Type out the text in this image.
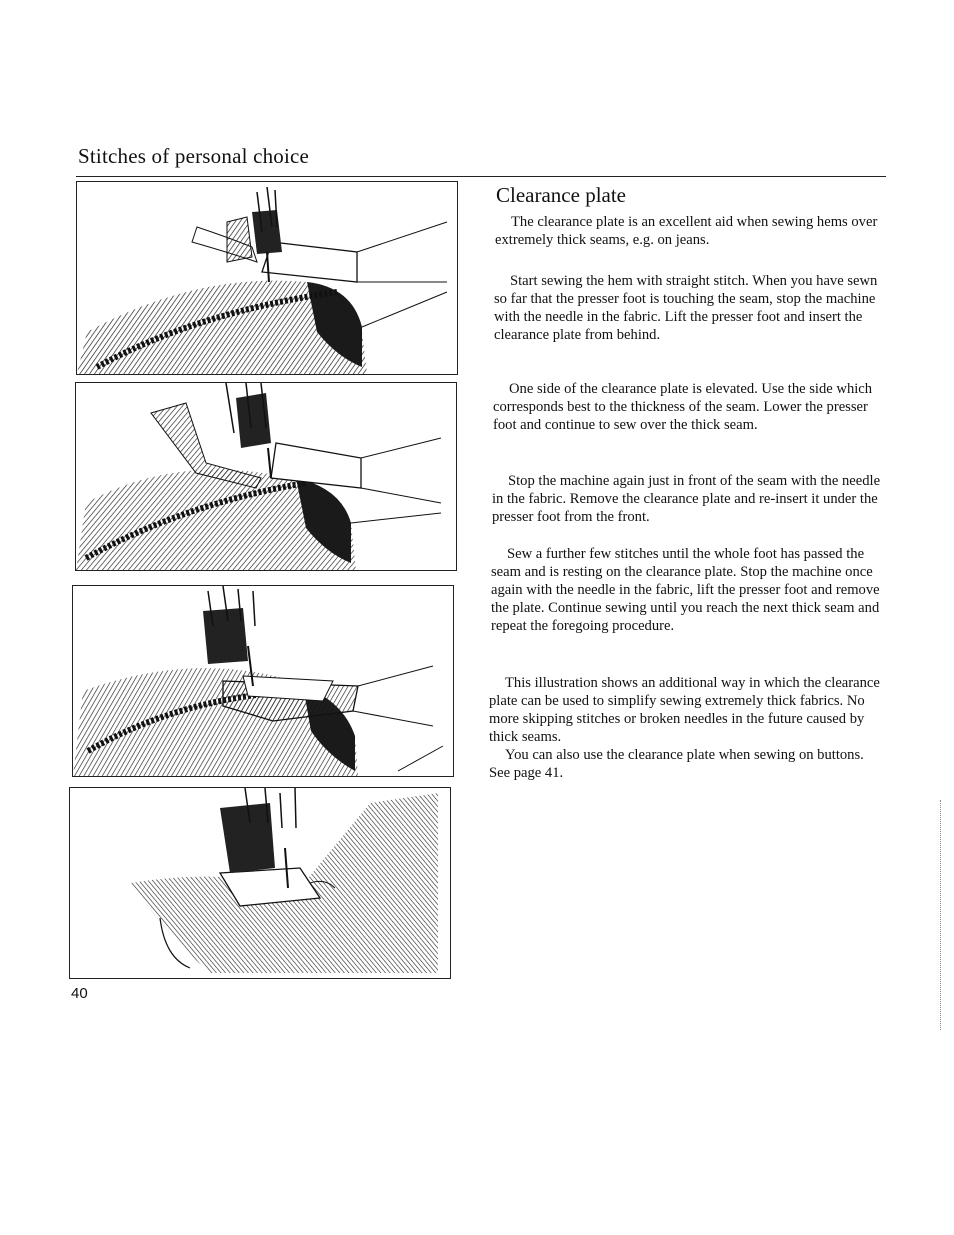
Stitches of personal choice
Clearance plate
The clearance plate is an excellent aid when sewing hems over extremely thick seams, e.g. on jeans.
Start sewing the hem with straight stitch. When you have sewn so far that the presser foot is touching the seam, stop the machine with the needle in the fabric. Lift the presser foot and insert the clearance plate from behind.
One side of the clearance plate is elevated. Use the side which corresponds best to the thickness of the seam. Lower the presser foot and continue to sew over the thick seam.
Stop the machine again just in front of the seam with the needle in the fabric. Remove the clearance plate and re-insert it under the presser foot from the front.
Sew a further few stitches until the whole foot has passed the seam and is resting on the clearance plate. Stop the machine once again with the needle in the fabric, lift the presser foot and remove the plate. Continue sewing until you reach the next thick seam and repeat the foregoing procedure.
This illustration shows an additional way in which the clearance plate can be used to simplify sewing extremely thick fabrics. No more skipping stitches or broken needles in the future caused by thick seams.
You can also use the clearance plate when sewing on buttons. See page 41.
40
